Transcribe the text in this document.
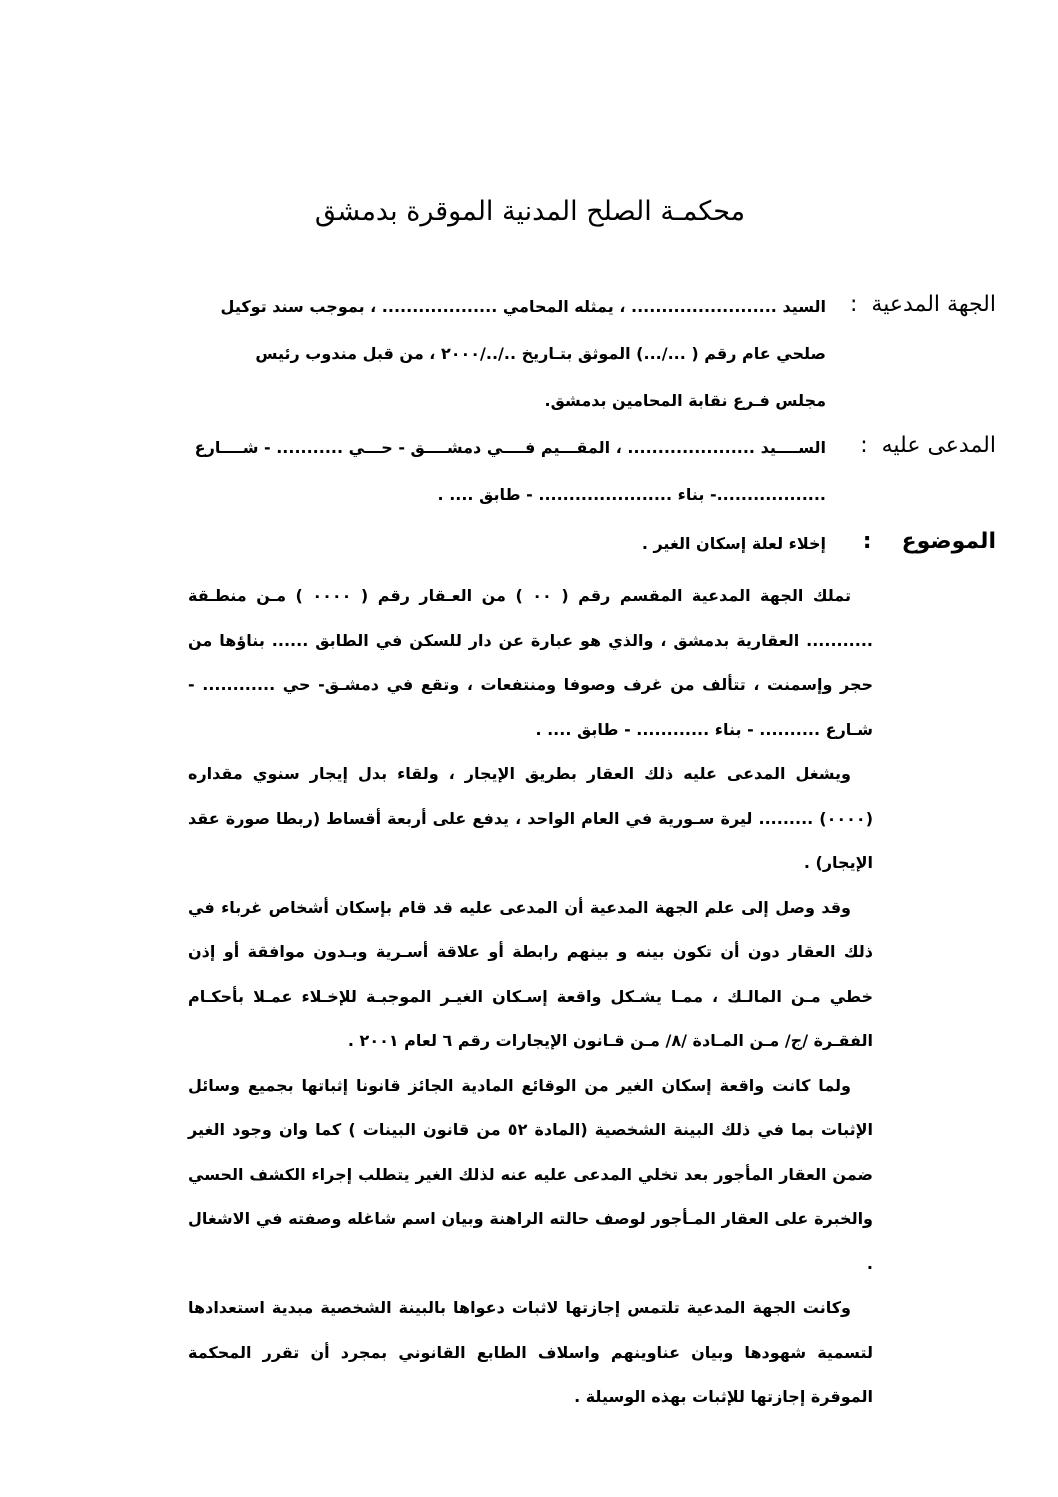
محكمـة الصلح المدنية الموقرة بدمشق
الجهة المدعية:
السيد ........................ ، يمثله المحامي ................... ، بموجب سند توكيل
صلحي عام رقم ( .../...) الموثق بتـاريخ ../../٢٠٠٠ ، من قبل مندوب رئيس
مجلس فـرع نقابة المحامين بدمشق.
المدعى عليه:
الســــيد ..................... ، المقـــيم فــــي دمشــــق - حـــي ........... - شــــارع
..................- بناء ...................... - طابق .... .
الموضوع:
إخلاء لعلة إسكان الغير .

تملك الجهة المدعية المقسم رقم ( ٠٠ ) من العـقار رقم ( ٠٠٠٠ ) مـن منطـقة ........... العقارية بدمشق ، والذي هو عبارة عن دار للسكن في الطابق ...... بناؤها من حجر وإسمنت ، تتألف من غرف وصوفا ومنتفعات ، وتقع في دمشـق- حي ............ - شـارع .......... - بناء ............ - طابق .... .

ويشغل المدعى عليه ذلك العقار بطريق الإيجار ، ولقاء بدل إيجار سنوي مقداره (٠٠٠٠) ......... ليرة سـورية في العام الواحد ، يدفع على أربعة أقساط (ربطا صورة عقد الإيجار) .

وقد وصل إلى علم الجهة المدعية أن المدعى عليه قد قام بإسكان أشخاص غرباء في ذلك العقار دون أن تكون بينه و بينهم رابطة أو علاقة أسـرية وبـدون موافقة أو إذن خطي مـن المالـك ، ممـا يشـكل واقعة إسـكان الغيـر الموجبـة للإخـلاء عمـلا بأحكـام الفقـرة /ج/ مـن المـادة /٨/ مـن قـانون الإيجارات رقم ٦ لعام ٢٠٠١ .

ولما كانت واقعة إسكان الغير من الوقائع المادية الجائز قانونا إثباتها بجميع وسائل الإثبات بما في ذلك البينة الشخصية (المادة ٥٢ من قانون البينات ) كما وان وجود الغير ضمن العقار المأجور بعد تخلي المدعى عليه عنه لذلك الغير يتطلب إجراء الكشف الحسي والخبرة على العقار المـأجور لوصف حالته الراهنة وبيان اسم شاغله وصفته في الاشغال .

وكانت الجهة المدعية تلتمس إجازتها لاثبات دعواها بالبينة الشخصية مبدية استعدادها لتسمية شهودها وبيان عناوينهم واسلاف الطابع القانوني بمجرد أن تقرر المحكمة الموقرة إجازتها للإثبات بهذه الوسيلة .
